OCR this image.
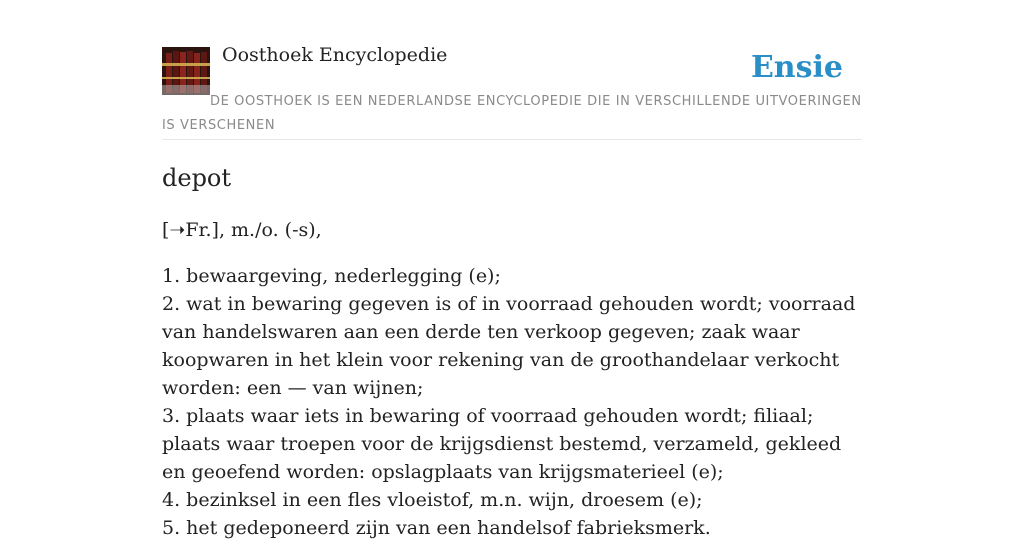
Oosthoek Encyclopedie	Ensie
DE OOSTHOEK IS EEN NEDERLANDSE ENCYCLOPEDIE DIE IN VERSCHILLENDE UITVOERINGEN IS VERSCHENEN
depot

[➝Fr.], m./o. (-s),

1. bewaargeving, nederlegging (e);
2. wat in bewaring gegeven is of in voorraad gehouden wordt; voorraad van handelswaren aan een derde ten verkoop gegeven; zaak waar koopwaren in het klein voor rekening van de groothandelaar verkocht worden: een — van wijnen;
3. plaats waar iets in bewaring of voorraad gehouden wordt; filiaal; plaats waar troepen voor de krijgsdienst bestemd, verzameld, gekleed en geoefend worden: opslagplaats van krijgsmaterieel (e);
4. bezinksel in een fles vloeistof, m.n. wijn, droesem (e);
5. het gedeponeerd zijn van een handelsof fabrieksmerk.
